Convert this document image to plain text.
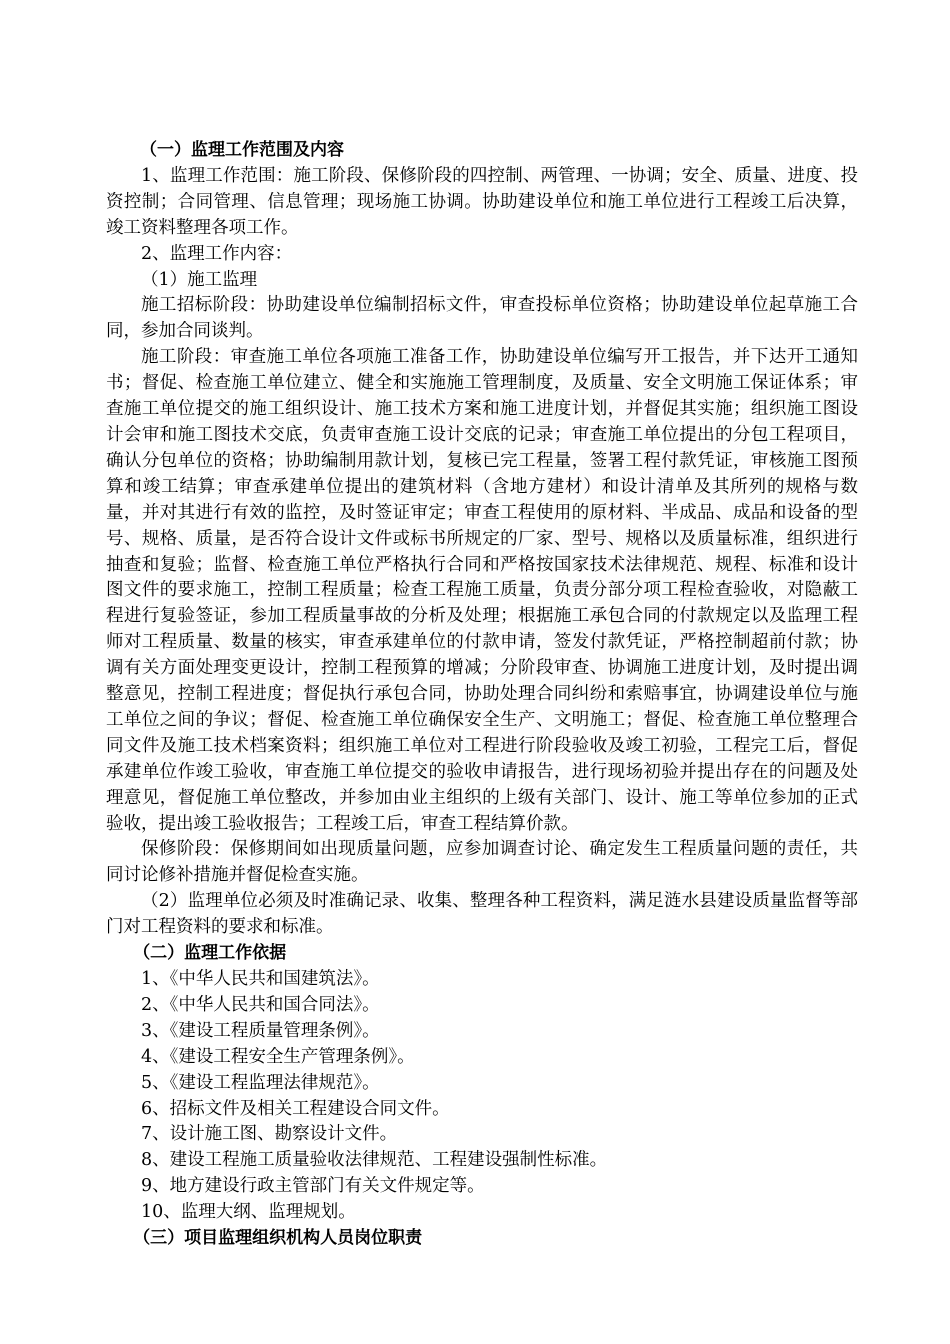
（一）监理工作范围及内容

1、监理工作范围：施工阶段、保修阶段的四控制、两管理、一协调；安全、质量、进度、投资控制；合同管理、信息管理；现场施工协调。协助建设单位和施工单位进行工程竣工后决算，竣工资料整理各项工作。

2、监理工作内容：

（1）施工监理

施工招标阶段：协助建设单位编制招标文件，审查投标单位资格；协助建设单位起草施工合同，参加合同谈判。

施工阶段：审查施工单位各项施工准备工作，协助建设单位编写开工报告，并下达开工通知书；督促、检查施工单位建立、健全和实施施工管理制度，及质量、安全文明施工保证体系；审查施工单位提交的施工组织设计、施工技术方案和施工进度计划，并督促其实施；组织施工图设计会审和施工图技术交底，负责审查施工设计交底的记录；审查施工单位提出的分包工程项目，确认分包单位的资格；协助编制用款计划，复核已完工程量，签署工程付款凭证，审核施工图预算和竣工结算；审查承建单位提出的建筑材料（含地方建材）和设计清单及其所列的规格与数量，并对其进行有效的监控，及时签证审定；审查工程使用的原材料、半成品、成品和设备的型号、规格、质量，是否符合设计文件或标书所规定的厂家、型号、规格以及质量标准，组织进行抽查和复验；监督、检查施工单位严格执行合同和严格按国家技术法律规范、规程、标准和设计图文件的要求施工，控制工程质量；检查工程施工质量，负责分部分项工程检查验收，对隐蔽工程进行复验签证，参加工程质量事故的分析及处理；根据施工承包合同的付款规定以及监理工程师对工程质量、数量的核实，审查承建单位的付款申请，签发付款凭证，严格控制超前付款；协调有关方面处理变更设计，控制工程预算的增减；分阶段审查、协调施工进度计划，及时提出调整意见，控制工程进度；督促执行承包合同，协助处理合同纠纷和索赔事宜，协调建设单位与施工单位之间的争议；督促、检查施工单位确保安全生产、文明施工；督促、检查施工单位整理合同文件及施工技术档案资料；组织施工单位对工程进行阶段验收及竣工初验，工程完工后，督促承建单位作竣工验收，审查施工单位提交的验收申请报告，进行现场初验并提出存在的问题及处理意见，督促施工单位整改，并参加由业主组织的上级有关部门、设计、施工等单位参加的正式验收，提出竣工验收报告；工程竣工后，审查工程结算价款。

保修阶段：保修期间如出现质量问题，应参加调查讨论、确定发生工程质量问题的责任，共同讨论修补措施并督促检查实施。

（2）监理单位必须及时准确记录、收集、整理各种工程资料，满足涟水县建设质量监督等部门对工程资料的要求和标准。

（二）监理工作依据

1、《中华人民共和国建筑法》。

2、《中华人民共和国合同法》。

3、《建设工程质量管理条例》。

4、《建设工程安全生产管理条例》。

5、《建设工程监理法律规范》。

6、招标文件及相关工程建设合同文件。

7、设计施工图、勘察设计文件。

8、建设工程施工质量验收法律规范、工程建设强制性标准。

9、地方建设行政主管部门有关文件规定等。

10、监理大纲、监理规划。

（三）项目监理组织机构人员岗位职责
